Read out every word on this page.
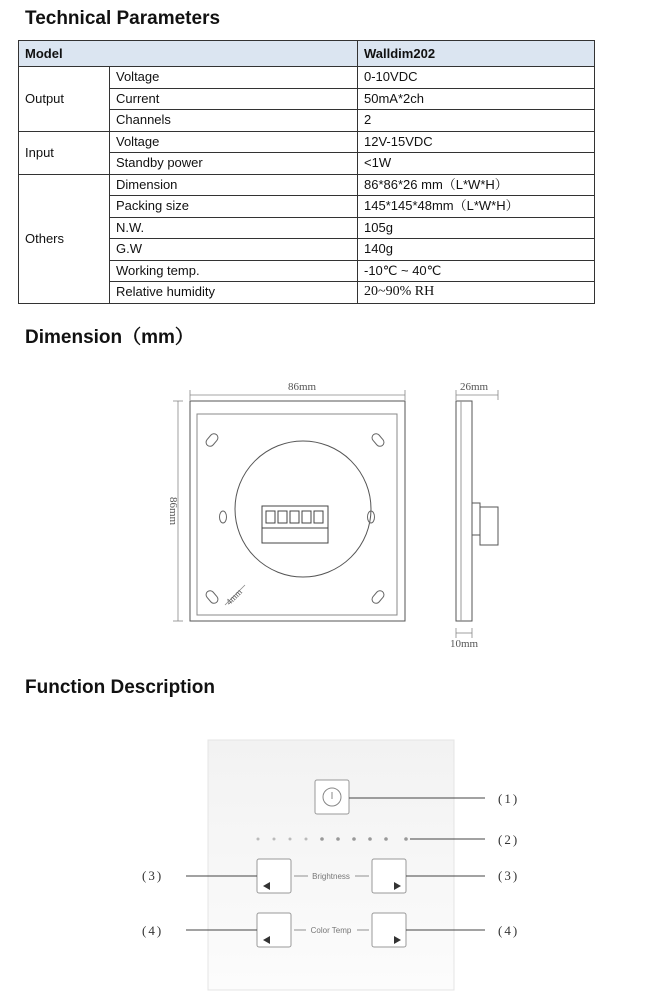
Technical Parameters
Model		Walldim202
Output	Voltage	0-10VDC
	Current	50mA*2ch
	Channels	2
Input	Voltage	12V-15VDC
	Standby power	<1W
Others	Dimension	86*86*26 mm（L*W*H）
	Packing size	145*145*48mm（L*W*H）
	N.W.	105g
	G.W	140g
	Working temp.	-10℃ ~ 40℃
	Relative humidity	20~90% RH
Dimension（mm）
86mm
86mm
26mm
4mm
10mm
Function Description
Brightness
Color Temp
(1)
(2)
(3)	(3)
(4)	(4)
